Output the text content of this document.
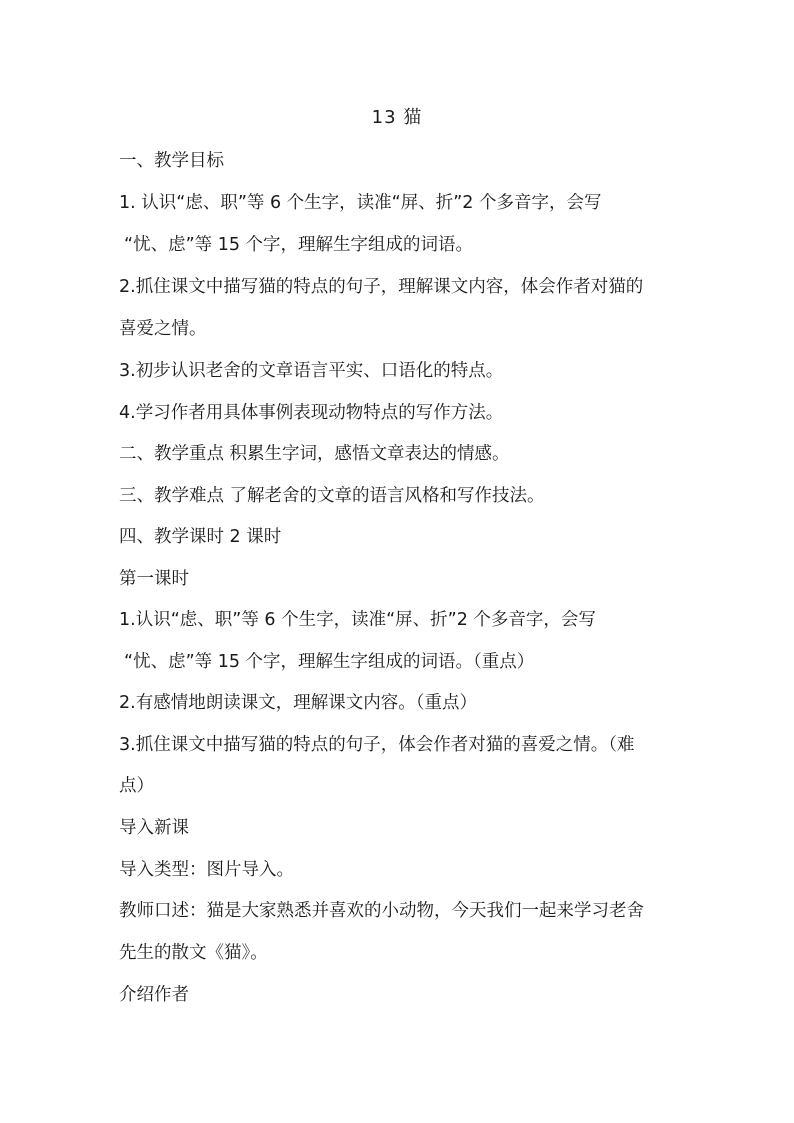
13 猫
一、教学目标
1. 认识“虑、职”等 6 个生字，读准“屏、折”2 个多音字，会写
“忧、虑”等 15 个字，理解生字组成的词语。
2.抓住课文中描写猫的特点的句子，理解课文内容，体会作者对猫的
喜爱之情。
3.初步认识老舍的文章语言平实、口语化的特点。
4.学习作者用具体事例表现动物特点的写作方法。
二、教学重点 积累生字词，感悟文章表达的情感。
三、教学难点 了解老舍的文章的语言风格和写作技法。
四、教学课时 2 课时
第一课时
1.认识“虑、职”等 6 个生字，读准“屏、折”2 个多音字，会写
“忧、虑”等 15 个字，理解生字组成的词语。（重点）
2.有感情地朗读课文，理解课文内容。（重点）
3.抓住课文中描写猫的特点的句子，体会作者对猫的喜爱之情。（难
点）
导入新课
导入类型：图片导入。
教师口述：猫是大家熟悉并喜欢的小动物，今天我们一起来学习老舍
先生的散文《猫》。
介绍作者
